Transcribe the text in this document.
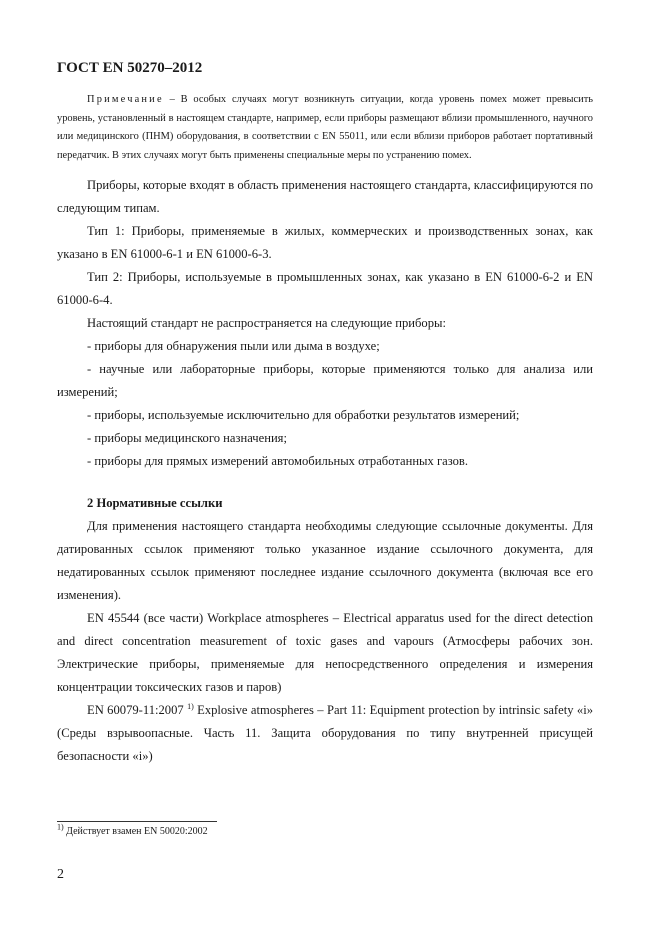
ГОСТ EN 50270–2012

Примечание – В особых случаях могут возникнуть ситуации, когда уровень помех может превысить уровень, установленный в настоящем стандарте, например, если приборы размещают вблизи промышленного, научного или медицинского (ПНМ) оборудования, в соответствии с EN 55011, или если вблизи приборов работает портативный передатчик. В этих случаях могут быть применены специальные меры по устранению помех.

Приборы, которые входят в область применения настоящего стандарта, классифицируются по следующим типам.

Тип 1: Приборы, применяемые в жилых, коммерческих и производственных зонах, как указано в EN 61000-6-1 и EN 61000-6-3.

Тип 2: Приборы, используемые в промышленных зонах, как указано в EN 61000-6-2 и EN 61000-6-4.

Настоящий стандарт не распространяется на следующие приборы:

- приборы для обнаружения пыли или дыма в воздухе;

- научные или лабораторные приборы, которые применяются только для анализа или измерений;

- приборы, используемые исключительно для обработки результатов измерений;

- приборы медицинского назначения;

- приборы для прямых измерений автомобильных отработанных газов.

2 Нормативные ссылки

Для применения настоящего стандарта необходимы следующие ссылочные документы. Для датированных ссылок применяют только указанное издание ссылочного документа, для недатированных ссылок применяют последнее издание ссылочного документа (включая все его изменения).

EN 45544 (все части) Workplace atmospheres – Electrical apparatus used for the direct detection and direct concentration measurement of toxic gases and vapours (Атмосферы рабочих зон. Электрические приборы, применяемые для непосредственного определения и измерения концентрации токсических газов и паров)

EN 60079-11:2007 $^{1)}$ Explosive atmospheres – Part 11: Equipment protection by intrinsic safety «i» (Среды взрывоопасные. Часть 11. Защита оборудования по типу внутренней присущей безопасности «i»)

$^{1)}$ Действует взамен EN 50020:2002
2
